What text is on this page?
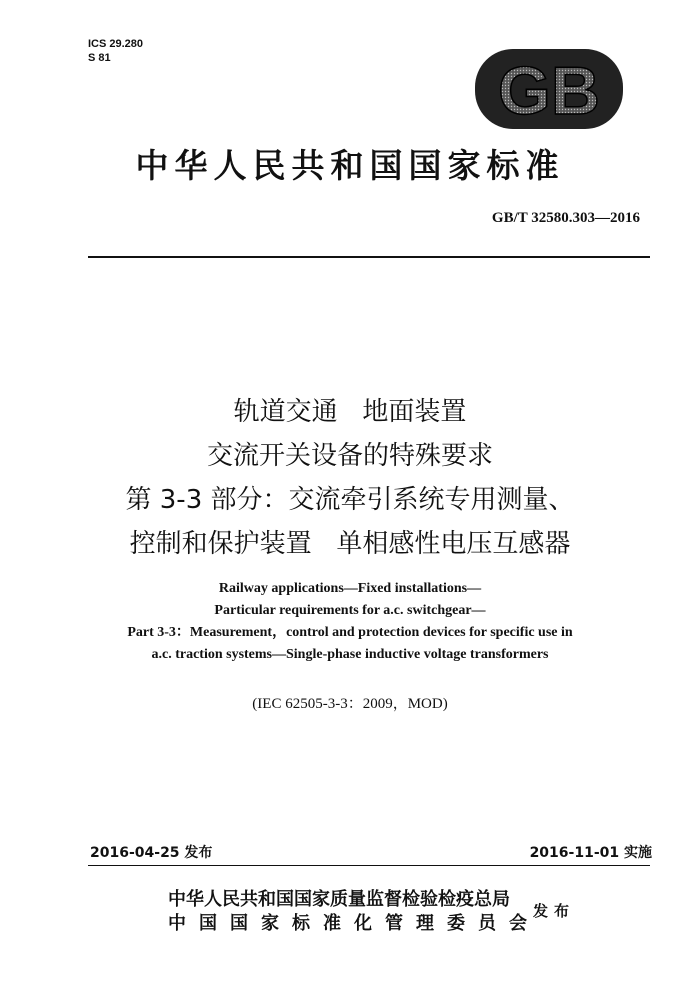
ICS 29.280
S 81	GB
中华人民共和国国家标准
GB/T 32580.303—2016
轨道交通   地面装置
交流开关设备的特殊要求
第 3-3 部分：交流牵引系统专用测量、
控制和保护装置   单相感性电压互感器
Railway applications—Fixed installations—
Particular requirements for a.c. switchgear—
Part 3-3：Measurement，control and protection devices for specific use in
a.c. traction systems—Single-phase inductive voltage transformers
(IEC 62505-3-3：2009，MOD)
2016-04-25 发布	2016-11-01 实施
中华人民共和国国家质量监督检验检疫总局
中国国家标准化管理委员会
发布
